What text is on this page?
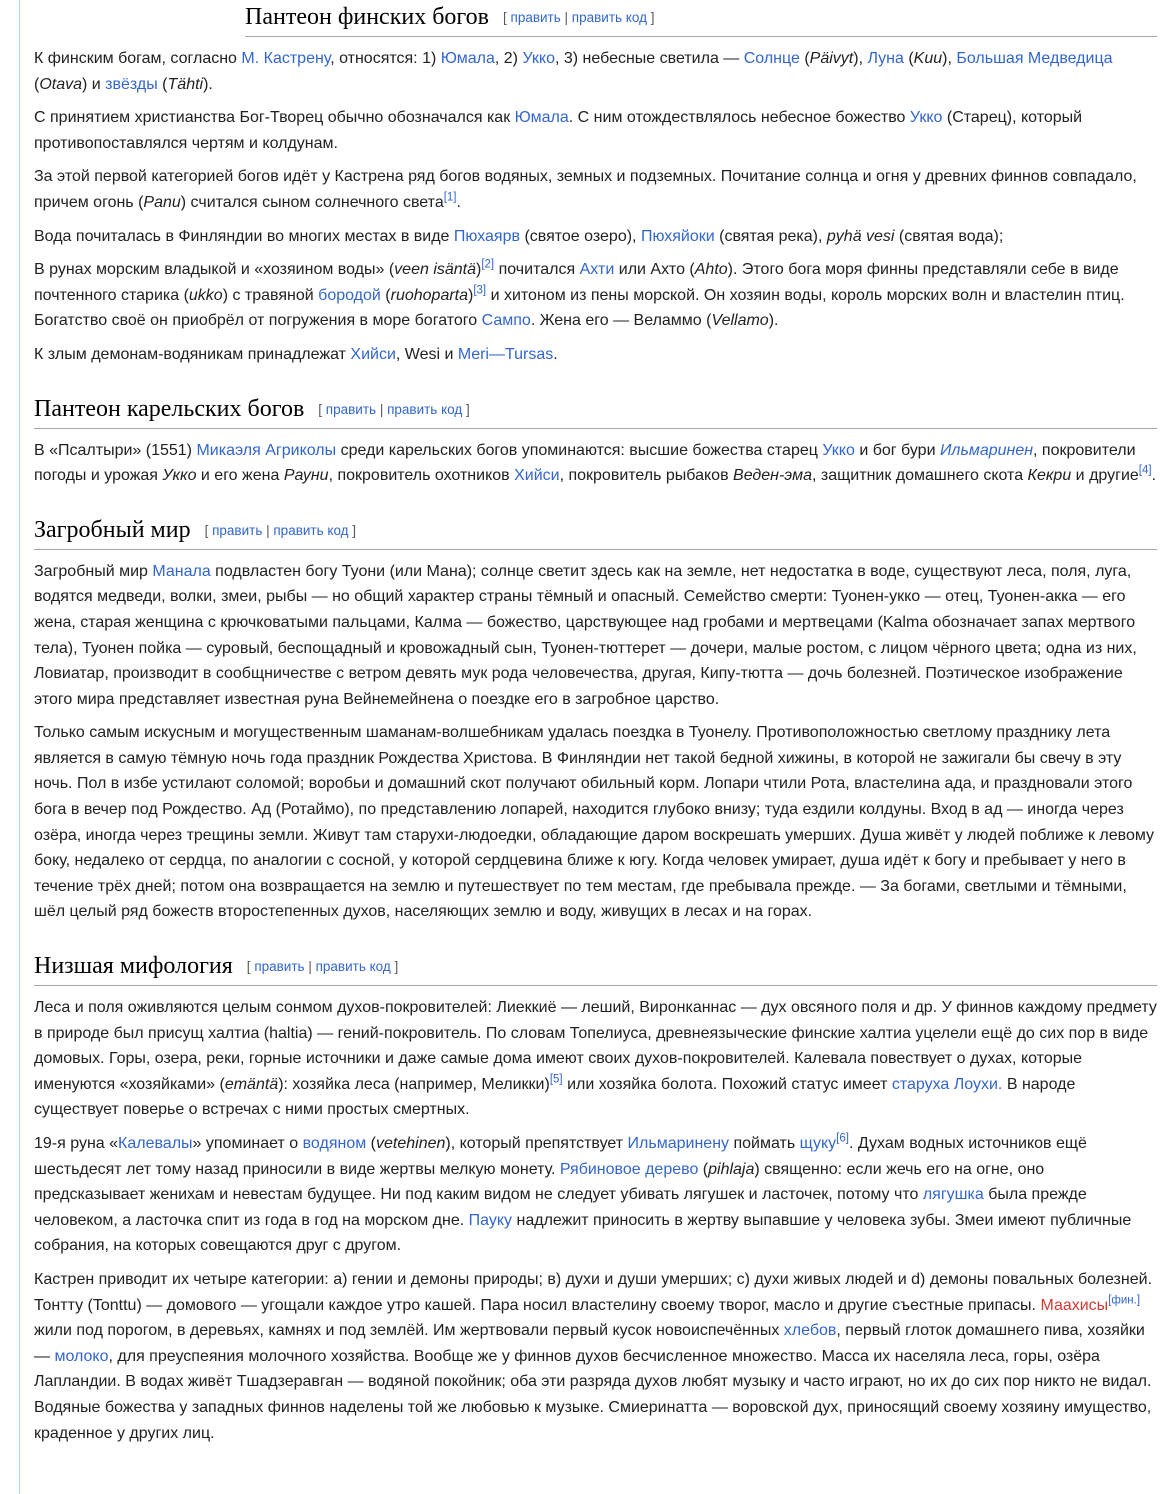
Пантеон финских богов [ править | править код ]

К финским богам, согласно М. Кастрену, относятся: 1) Юмала, 2) Укко, 3) небесные светила — Солнце (Päivyt), Луна (Kuu), Большая Медведица (Otava) и звёзды (Tähti).

С принятием христианства Бог-Творец обычно обозначался как Юмала. С ним отождествлялось небесное божество Укко (Старец), который противопоставлялся чертям и колдунам.

За этой первой категорией богов идёт у Кастрена ряд богов водяных, земных и подземных. Почитание солнца и огня у древних финнов совпадало, причем огонь (Panu) считался сыном солнечного света[1].

Вода почиталась в Финляндии во многих местах в виде Пюхаярв (святое озеро), Пюхяйоки (святая река), pyhä vesi (святая вода);

В рунах морским владыкой и «хозяином воды» (veen isäntä)[2] почитался Ахти или Ахто (Ahto). Этого бога моря финны представляли себе в виде почтенного старика (ukko) с травяной бородой (ruohoparta)[3] и хитоном из пены морской. Он хозяин воды, король морских волн и властелин птиц. Богатство своё он приобрёл от погружения в море богатого Сампо. Жена его — Веламмо (Vellamo).

К злым демонам-водяникам принадлежат Хийси, Wesi и Meri—Tursas.

Пантеон карельских богов [ править | править код ]

В «Псалтыри» (1551) Микаэля Агриколы среди карельских богов упоминаются: высшие божества старец Укко и бог бури Ильмаринен, покровители погоды и урожая Укко и его жена Рауни, покровитель охотников Хийси, покровитель рыбаков Веден-эма, защитник домашнего скота Кекри и другие[4].

Загробный мир [ править | править код ]

Загробный мир Манала подвластен богу Туони (или Мана); солнце светит здесь как на земле, нет недостатка в воде, существуют леса, поля, луга, водятся медведи, волки, змеи, рыбы — но общий характер страны тёмный и опасный. Семейство смерти: Туонен-укко — отец, Туонен-акка — его жена, старая женщина с крючковатыми пальцами, Калма — божество, царствующее над гробами и мертвецами (Kalma обозначает запах мертвого тела), Туонен пойка — суровый, беспощадный и кровожадный сын, Туонен-тюттерет — дочери, малые ростом, с лицом чёрного цвета; одна из них, Ловиатар, производит в сообщничестве с ветром девять мук рода человечества, другая, Кипу-тютта — дочь болезней. Поэтическое изображение этого мира представляет известная руна Вейнемейнена о поездке его в загробное царство.

Только самым искусным и могущественным шаманам-волшебникам удалась поездка в Туонелу. Противоположностью светлому празднику лета является в самую тёмную ночь года праздник Рождества Христова. В Финляндии нет такой бедной хижины, в которой не зажигали бы свечу в эту ночь. Пол в избе устилают соломой; воробьи и домашний скот получают обильный корм. Лопари чтили Рота, властелина ада, и праздновали этого бога в вечер под Рождество. Ад (Ротаймо), по представлению лопарей, находится глубоко внизу; туда ездили колдуны. Вход в ад — иногда через озёра, иногда через трещины земли. Живут там старухи-людоедки, обладающие даром воскрешать умерших. Душа живёт у людей поближе к левому боку, недалеко от сердца, по аналогии с сосной, у которой сердцевина ближе к югу. Когда человек умирает, душа идёт к богу и пребывает у него в течение трёх дней; потом она возвращается на землю и путешествует по тем местам, где пребывала прежде. — За богами, светлыми и тёмными, шёл целый ряд божеств второстепенных духов, населяющих землю и воду, живущих в лесах и на горах.

Низшая мифология [ править | править код ]

Леса и поля оживляются целым сонмом духов-покровителей: Лиеккиё — леший, Виронканнас — дух овсяного поля и др. У финнов каждому предмету в природе был присущ халтиа (haltia) — гений-покровитель. По словам Топелиуса, древнеязыческие финские халтиа уцелели ещё до сих пор в виде домовых. Горы, озера, реки, горные источники и даже самые дома имеют своих духов-покровителей. Калевала повествует о духах, которые именуются «хозяйками» (emäntä): хозяйка леса (например, Меликки)[5] или хозяйка болота. Похожий статус имеет старуха Лоухи. В народе существует поверье о встречах с ними простых смертных.

19-я руна «Калевалы» упоминает о водяном (vetehinen), который препятствует Ильмаринену поймать щуку[6]. Духам водных источников ещё шестьдесят лет тому назад приносили в виде жертвы мелкую монету. Рябиновое дерево (pihlaja) священно: если жечь его на огне, оно предсказывает женихам и невестам будущее. Ни под каким видом не следует убивать лягушек и ласточек, потому что лягушка была прежде человеком, а ласточка спит из года в год на морском дне. Пауку надлежит приносить в жертву выпавшие у человека зубы. Змеи имеют публичные собрания, на которых совещаются друг с другом.

Кастрен приводит их четыре категории: а) гении и демоны природы; в) духи и души умерших; с) духи живых людей и d) демоны повальных болезней. Тонтту (Tonttu) — домового — угощали каждое утро кашей. Пара носил властелину своему творог, масло и другие съестные припасы. Маахисы[фин.] жили под порогом, в деревьях, камнях и под землёй. Им жертвовали первый кусок новоиспечённых хлебов, первый глоток домашнего пива, хозяйки — молоко, для преуспеяния молочного хозяйства. Вообще же у финнов духов бесчисленное множество. Масса их населяла леса, горы, озёра Лапландии. В водах живёт Тшадзеравган — водяной покойник; оба эти разряда духов любят музыку и часто играют, но их до сих пор никто не видал. Водяные божества у западных финнов наделены той же любовью к музыке. Смиеринатта — воровской дух, приносящий своему хозяину имущество, краденное у других лиц.
